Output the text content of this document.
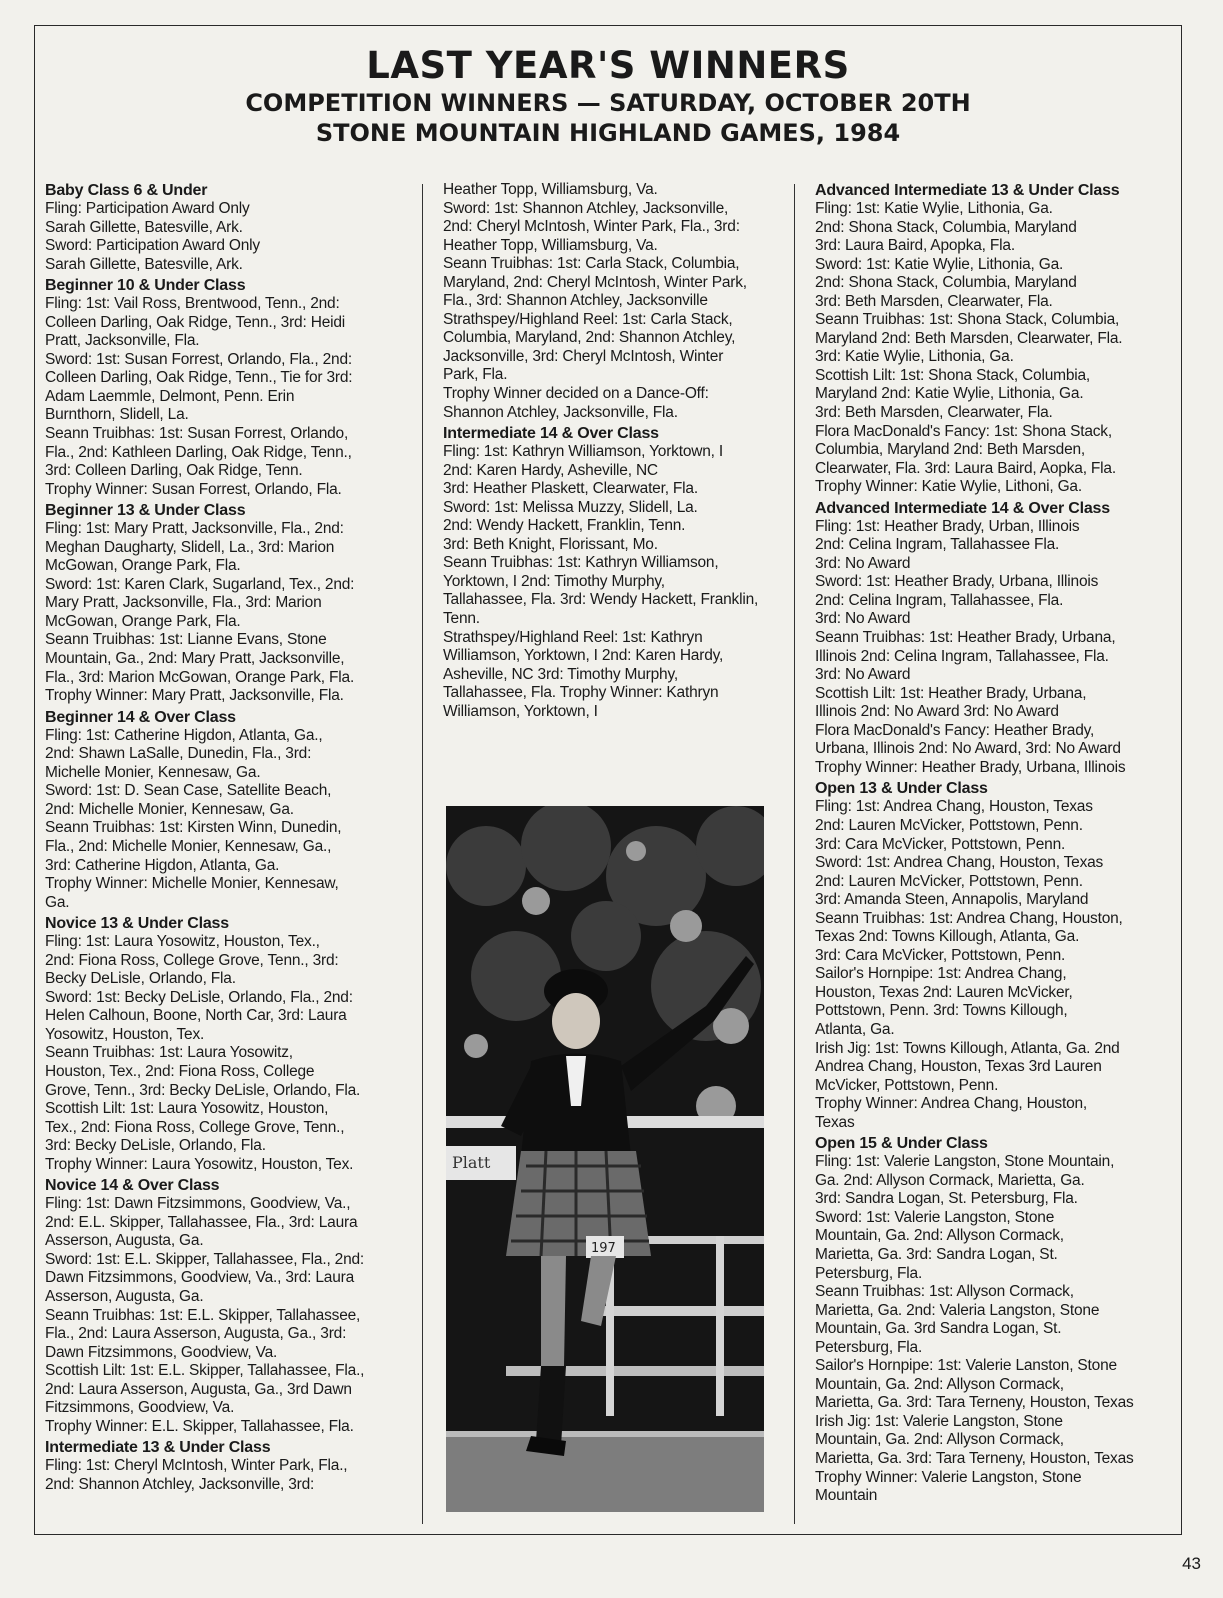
LAST YEAR'S WINNERS

COMPETITION WINNERS — SATURDAY, OCTOBER 20TH

STONE MOUNTAIN HIGHLAND GAMES, 1984

Baby Class 6 & Under

Fling: Participation Award Only

Sarah Gillette, Batesville, Ark.

Sword: Participation Award Only

Sarah Gillette, Batesville, Ark.

Beginner 10 & Under Class

Fling: 1st: Vail Ross, Brentwood, Tenn., 2nd:

Colleen Darling, Oak Ridge, Tenn., 3rd: Heidi

Pratt, Jacksonville, Fla.

Sword: 1st: Susan Forrest, Orlando, Fla., 2nd:

Colleen Darling, Oak Ridge, Tenn., Tie for 3rd:

Adam Laemmle, Delmont, Penn. Erin

Burnthorn, Slidell, La.

Seann Truibhas: 1st: Susan Forrest, Orlando,

Fla., 2nd: Kathleen Darling, Oak Ridge, Tenn.,

3rd: Colleen Darling, Oak Ridge, Tenn.

Trophy Winner: Susan Forrest, Orlando, Fla.

Beginner 13 & Under Class

Fling: 1st: Mary Pratt, Jacksonville, Fla., 2nd:

Meghan Daugharty, Slidell, La., 3rd: Marion

McGowan, Orange Park, Fla.

Sword: 1st: Karen Clark, Sugarland, Tex., 2nd:

Mary Pratt, Jacksonville, Fla., 3rd: Marion

McGowan, Orange Park, Fla.

Seann Truibhas: 1st: Lianne Evans, Stone

Mountain, Ga., 2nd: Mary Pratt, Jacksonville,

Fla., 3rd: Marion McGowan, Orange Park, Fla.

Trophy Winner: Mary Pratt, Jacksonville, Fla.

Beginner 14 & Over Class

Fling: 1st: Catherine Higdon, Atlanta, Ga.,

2nd: Shawn LaSalle, Dunedin, Fla., 3rd:

Michelle Monier, Kennesaw, Ga.

Sword: 1st: D. Sean Case, Satellite Beach,

2nd: Michelle Monier, Kennesaw, Ga.

Seann Truibhas: 1st: Kirsten Winn, Dunedin,

Fla., 2nd: Michelle Monier, Kennesaw, Ga.,

3rd: Catherine Higdon, Atlanta, Ga.

Trophy Winner: Michelle Monier, Kennesaw,

Ga.

Novice 13 & Under Class

Fling: 1st: Laura Yosowitz, Houston, Tex.,

2nd: Fiona Ross, College Grove, Tenn., 3rd:

Becky DeLisle, Orlando, Fla.

Sword: 1st: Becky DeLisle, Orlando, Fla., 2nd:

Helen Calhoun, Boone, North Car, 3rd: Laura

Yosowitz, Houston, Tex.

Seann Truibhas: 1st: Laura Yosowitz,

Houston, Tex., 2nd: Fiona Ross, College

Grove, Tenn., 3rd: Becky DeLisle, Orlando, Fla.

Scottish Lilt: 1st: Laura Yosowitz, Houston,

Tex., 2nd: Fiona Ross, College Grove, Tenn.,

3rd: Becky DeLisle, Orlando, Fla.

Trophy Winner: Laura Yosowitz, Houston, Tex.

Novice 14 & Over Class

Fling: 1st: Dawn Fitzsimmons, Goodview, Va.,

2nd: E.L. Skipper, Tallahassee, Fla., 3rd: Laura

Asserson, Augusta, Ga.

Sword: 1st: E.L. Skipper, Tallahassee, Fla., 2nd:

Dawn Fitzsimmons, Goodview, Va., 3rd: Laura

Asserson, Augusta, Ga.

Seann Truibhas: 1st: E.L. Skipper, Tallahassee,

Fla., 2nd: Laura Asserson, Augusta, Ga., 3rd:

Dawn Fitzsimmons, Goodview, Va.

Scottish Lilt: 1st: E.L. Skipper, Tallahassee, Fla.,

2nd: Laura Asserson, Augusta, Ga., 3rd Dawn

Fitzsimmons, Goodview, Va.

Trophy Winner: E.L. Skipper, Tallahassee, Fla.

Intermediate 13 & Under Class

Fling: 1st: Cheryl McIntosh, Winter Park, Fla.,

2nd: Shannon Atchley, Jacksonville, 3rd:

Heather Topp, Williamsburg, Va.

Sword: 1st: Shannon Atchley, Jacksonville,

2nd: Cheryl McIntosh, Winter Park, Fla., 3rd:

Heather Topp, Williamsburg, Va.

Seann Truibhas: 1st: Carla Stack, Columbia,

Maryland, 2nd: Cheryl McIntosh, Winter Park,

Fla., 3rd: Shannon Atchley, Jacksonville

Strathspey/Highland Reel: 1st: Carla Stack,

Columbia, Maryland, 2nd: Shannon Atchley,

Jacksonville, 3rd: Cheryl McIntosh, Winter

Park, Fla.

Trophy Winner decided on a Dance-Off:

Shannon Atchley, Jacksonville, Fla.

Intermediate 14 & Over Class

Fling: 1st: Kathryn Williamson, Yorktown, I

2nd: Karen Hardy, Asheville, NC

3rd: Heather Plaskett, Clearwater, Fla.

Sword: 1st: Melissa Muzzy, Slidell, La.

2nd: Wendy Hackett, Franklin, Tenn.

3rd: Beth Knight, Florissant, Mo.

Seann Truibhas: 1st: Kathryn Williamson,

Yorktown, I 2nd: Timothy Murphy,

Tallahassee, Fla. 3rd: Wendy Hackett, Franklin,

Tenn.

Strathspey/Highland Reel: 1st: Kathryn

Williamson, Yorktown, I 2nd: Karen Hardy,

Asheville, NC 3rd: Timothy Murphy,

Tallahassee, Fla. Trophy Winner: Kathryn

Williamson, Yorktown, I

Advanced Intermediate 13 & Under Class

Fling: 1st: Katie Wylie, Lithonia, Ga.

2nd: Shona Stack, Columbia, Maryland

3rd: Laura Baird, Apopka, Fla.

Sword: 1st: Katie Wylie, Lithonia, Ga.

2nd: Shona Stack, Columbia, Maryland

3rd: Beth Marsden, Clearwater, Fla.

Seann Truibhas: 1st: Shona Stack, Columbia,

Maryland 2nd: Beth Marsden, Clearwater, Fla.

3rd: Katie Wylie, Lithonia, Ga.

Scottish Lilt: 1st: Shona Stack, Columbia,

Maryland 2nd: Katie Wylie, Lithonia, Ga.

3rd: Beth Marsden, Clearwater, Fla.

Flora MacDonald's Fancy: 1st: Shona Stack,

Columbia, Maryland 2nd: Beth Marsden,

Clearwater, Fla. 3rd: Laura Baird, Aopka, Fla.

Trophy Winner: Katie Wylie, Lithoni, Ga.

Advanced Intermediate 14 & Over Class

Fling: 1st: Heather Brady, Urban, Illinois

2nd: Celina Ingram, Tallahassee Fla.

3rd: No Award

Sword: 1st: Heather Brady, Urbana, Illinois

2nd: Celina Ingram, Tallahassee, Fla.

3rd: No Award

Seann Truibhas: 1st: Heather Brady, Urbana,

Illinois 2nd: Celina Ingram, Tallahassee, Fla.

3rd: No Award

Scottish Lilt: 1st: Heather Brady, Urbana,

Illinois 2nd: No Award 3rd: No Award

Flora MacDonald's Fancy: Heather Brady,

Urbana, Illinois 2nd: No Award, 3rd: No Award

Trophy Winner: Heather Brady, Urbana, Illinois

Open 13 & Under Class

Fling: 1st: Andrea Chang, Houston, Texas

2nd: Lauren McVicker, Pottstown, Penn.

3rd: Cara McVicker, Pottstown, Penn.

Sword: 1st: Andrea Chang, Houston, Texas

2nd: Lauren McVicker, Pottstown, Penn.

3rd: Amanda Steen, Annapolis, Maryland

Seann Truibhas: 1st: Andrea Chang, Houston,

Texas 2nd: Towns Killough, Atlanta, Ga.

3rd: Cara McVicker, Pottstown, Penn.

Sailor's Hornpipe: 1st: Andrea Chang,

Houston, Texas 2nd: Lauren McVicker,

Pottstown, Penn. 3rd: Towns Killough,

Atlanta, Ga.

Irish Jig: 1st: Towns Killough, Atlanta, Ga. 2nd

Andrea Chang, Houston, Texas 3rd Lauren

McVicker, Pottstown, Penn.

Trophy Winner: Andrea Chang, Houston,

Texas

Open 15 & Under Class

Fling: 1st: Valerie Langston, Stone Mountain,

Ga. 2nd: Allyson Cormack, Marietta, Ga.

3rd: Sandra Logan, St. Petersburg, Fla.

Sword: 1st: Valerie Langston, Stone

Mountain, Ga. 2nd: Allyson Cormack,

Marietta, Ga. 3rd: Sandra Logan, St.

Petersburg, Fla.

Seann Truibhas: 1st: Allyson Cormack,

Marietta, Ga. 2nd: Valeria Langston, Stone

Mountain, Ga. 3rd Sandra Logan, St.

Petersburg, Fla.

Sailor's Hornpipe: 1st: Valerie Lanston, Stone

Mountain, Ga. 2nd: Allyson Cormack,

Marietta, Ga. 3rd: Tara Terneny, Houston, Texas

Irish Jig: 1st: Valerie Langston, Stone

Mountain, Ga. 2nd: Allyson Cormack,

Marietta, Ga. 3rd: Tara Terneny, Houston, Texas

Trophy Winner: Valerie Langston, Stone

Mountain

Platt
197
43
